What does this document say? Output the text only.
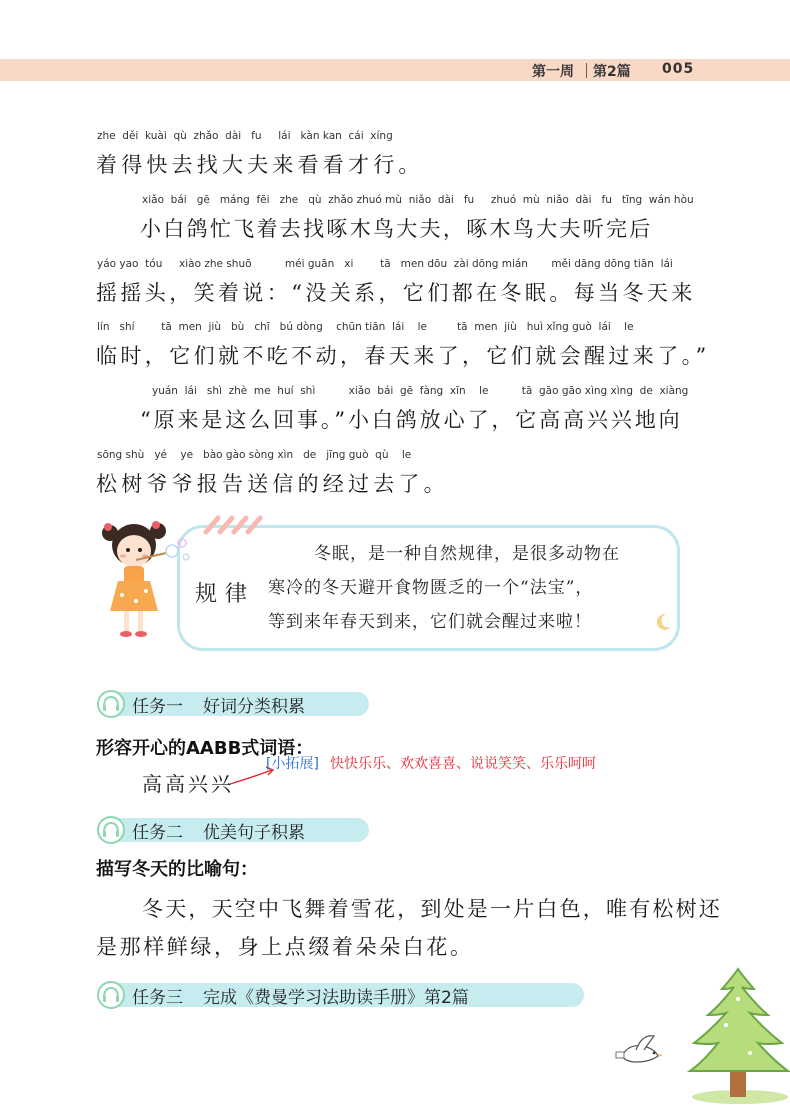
第一周 第2篇 005
zhe  děi  kuài  qù  zhǎo  dài   fu     lái   kàn kan  cái  xíng
着得快去找大夫来看看才行。
xiǎo  bái   gē   máng  fēi   zhe   qù  zhǎo zhuó mù  niǎo  dài   fu     zhuó  mù  niǎo  dài   fu   tīng  wán hòu
小白鸽忙飞着去找啄木鸟大夫，啄木鸟大夫听完后
yáo yao  tóu     xiào zhe shuō          méi guān   xi        tā   men dōu  zài dōng mián       měi dāng dōng tiān  lái
摇摇头，笑着说：“没关系，它们都在冬眠。每当冬天来
lín   shí        tā  men  jiù   bù   chī   bú dòng    chūn tiān  lái    le         tā  men  jiù   huì xǐng guò  lái    le
临时，它们就不吃不动，春天来了，它们就会醒过来了。”
yuán  lái   shì  zhè  me  huí  shì          xiǎo  bái  gē  fàng  xīn    le          tā  gāo gāo xìng xìng  de  xiàng
“原来是这么回事。”小白鸽放心了，它高高兴兴地向
sōng shù   yé    ye   bào gào sòng xìn   de   jīng guò  qù    le
松树爷爷报告送信的经过去了。
规律
冬眠，是一种自然规律，是很多动物在
寒冷的冬天避开食物匮乏的一个“法宝”，
等到来年春天到来，它们就会醒过来啦！
任务一 好词分类积累
形容开心的AABB式词语：
高高兴兴
[小拓展] 快快乐乐、欢欢喜喜、说说笑笑、乐乐呵呵
任务二 优美句子积累
描写冬天的比喻句：
冬天，天空中飞舞着雪花，到处是一片白色，唯有松树还
是那样鲜绿，身上点缀着朵朵白花。
任务三 完成《费曼学习法助读手册》第2篇
